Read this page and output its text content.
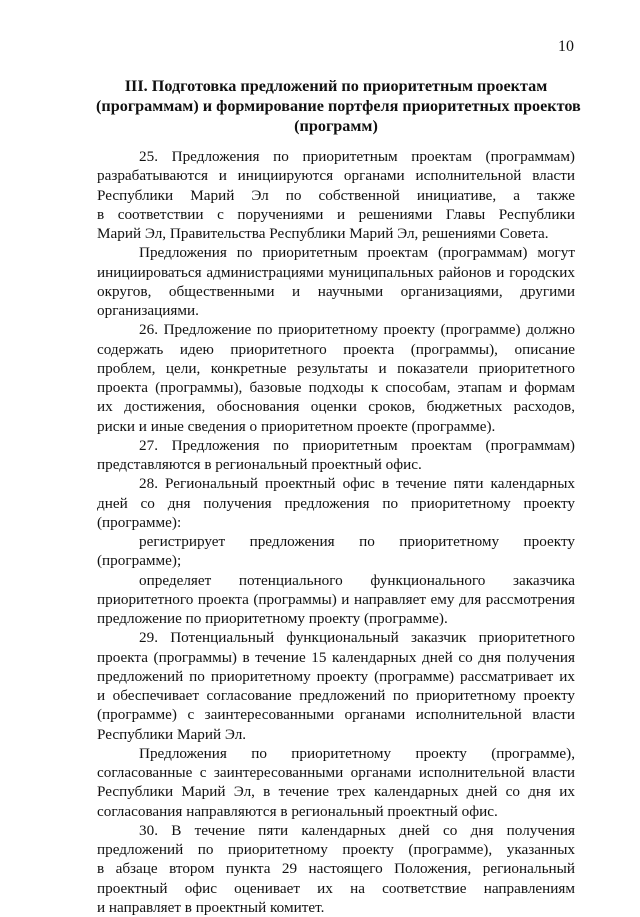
10
III. Подготовка предложений по приоритетным проектам
(программам) и формирование портфеля приоритетных проектов
(программ)
25. Предложения по приоритетным проектам (программам)
разрабатываются и инициируются органами исполнительной власти
Республики Марий Эл по собственной инициативе, а также
в соответствии с поручениями и решениями Главы Республики
Марий Эл, Правительства Республики Марий Эл, решениями Совета.
Предложения по приоритетным проектам (программам) могут
инициироваться администрациями муниципальных районов и городских
округов, общественными и научными организациями, другими
организациями.
26. Предложение по приоритетному проекту (программе) должно
содержать идею приоритетного проекта (программы), описание
проблем, цели, конкретные результаты и показатели приоритетного
проекта (программы), базовые подходы к способам, этапам и формам
их достижения, обоснования оценки сроков, бюджетных расходов,
риски и иные сведения о приоритетном проекте (программе).
27. Предложения по приоритетным проектам (программам)
представляются в региональный проектный офис.
28. Региональный проектный офис в течение пяти календарных
дней со дня получения предложения по приоритетному проекту
(программе):
регистрирует предложения по приоритетному проекту
(программе);
определяет потенциального функционального заказчика
приоритетного проекта (программы) и направляет ему для рассмотрения
предложение по приоритетному проекту (программе).
29. Потенциальный функциональный заказчик приоритетного
проекта (программы) в течение 15 календарных дней со дня получения
предложений по приоритетному проекту (программе) рассматривает их
и обеспечивает согласование предложений по приоритетному проекту
(программе) с заинтересованными органами исполнительной власти
Республики Марий Эл.
Предложения по приоритетному проекту (программе),
согласованные с заинтересованными органами исполнительной власти
Республики Марий Эл, в течение трех календарных дней со дня их
согласования направляются в региональный проектный офис.
30. В течение пяти календарных дней со дня получения
предложений по приоритетному проекту (программе), указанных
в абзаце втором пункта 29 настоящего Положения, региональный
проектный офис оценивает их на соответствие направлениям
и направляет в проектный комитет.
